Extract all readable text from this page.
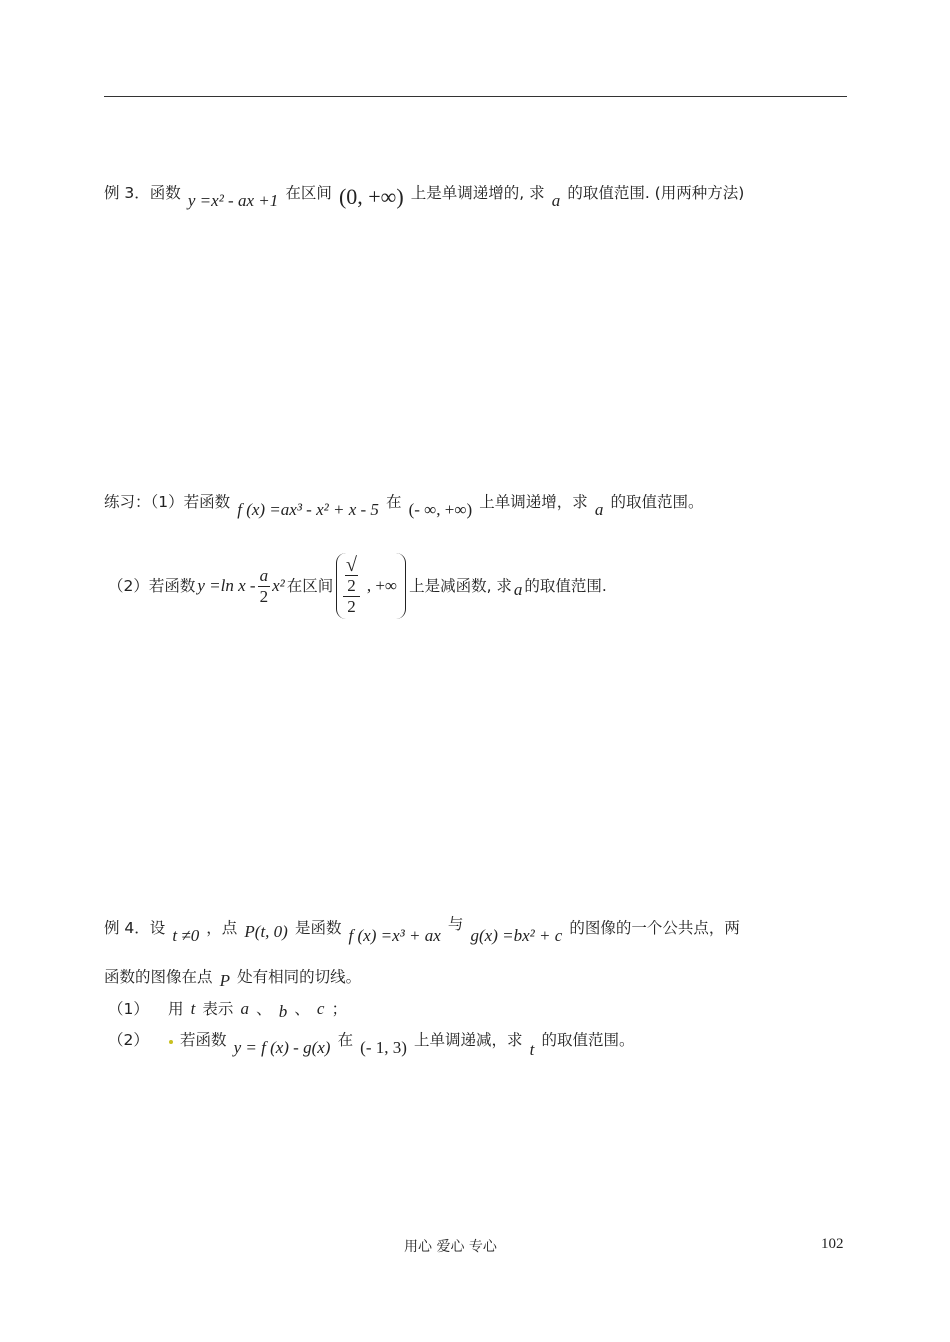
例 3．函数 y =x² - ax +1 在区间 (0, +∞) 上是单调递增的, 求 a 的取值范围. (用两种方法)
练习：（1）若函数 f (x) =ax³ - x² + x - 5 在 (- ∞, +∞) 上单调递增，求 a 的取值范围。
（2）若函数 y =ln x - $\frac{a}{2} x^2$ 在区间 √
2
2 , +∞ 上是减函数, 求 a 的取值范围.
例 4．设 t ≠0 ，点 P(t, 0) 是函数 f (x) =x³ + ax 与 g(x) =bx² + c 的图像的一个公共点，两
函数的图像在点 P 处有相同的切线。
（1） 用 t 表示 a 、 b 、 c ；
（2） 若函数 y = f (x) - g(x) 在 (- 1, 3) 上单调递减，求 t 的取值范围。
用心 爱心 专心	102
